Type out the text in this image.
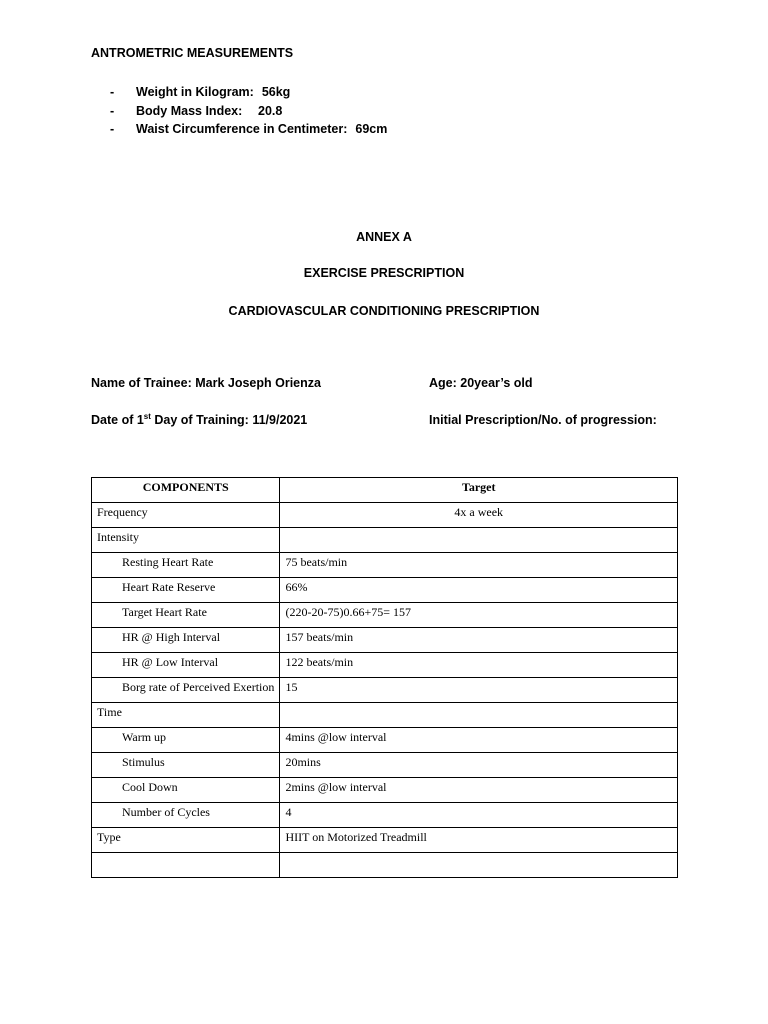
ANTROMETRIC MEASUREMENTS
-	Weight in Kilogram: 56kg
-	Body Mass Index:	20.8
-	Waist Circumference in Centimeter: 69cm
ANNEX A
EXERCISE PRESCRIPTION
CARDIOVASCULAR CONDITIONING PRESCRIPTION
Name of Trainee: Mark Joseph Orienza	Age: 20year’s old
Date of 1st Day of Training: 11/9/2021	Initial Prescription/No. of progression:
COMPONENTS	Target
Frequency	4x a week
Intensity	
Resting Heart Rate	75 beats/min
Heart Rate Reserve	66%
Target Heart Rate	(220-20-75)0.66+75= 157
HR @ High Interval	157 beats/min
HR @ Low Interval	122 beats/min
Borg rate of Perceived Exertion	15
Time	
Warm up	4mins @low interval
Stimulus	20mins
Cool Down	2mins @low interval
Number of Cycles	4
Type	HIIT on Motorized Treadmill
